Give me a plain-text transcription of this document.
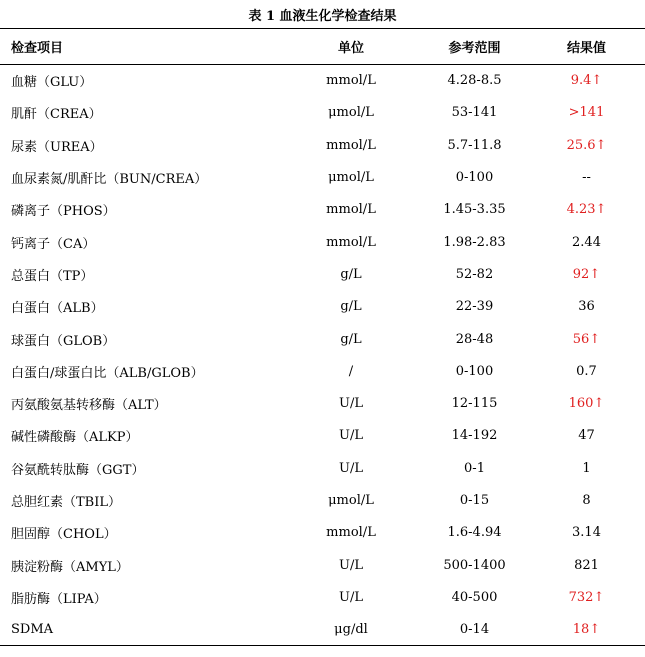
表 1 血液生化学检查结果
检查项目	单位	参考范围	结果值
血糖（GLU）	mmol/L	4.28-8.5	9.4↑
肌酐（CREA）	μmol/L	53-141	>141
尿素（UREA）	mmol/L	5.7-11.8	25.6↑
血尿素氮/肌酐比（BUN/CREA）	μmol/L	0-100	--
磷离子（PHOS）	mmol/L	1.45-3.35	4.23↑
钙离子（CA）	mmol/L	1.98-2.83	2.44
总蛋白（TP）	g/L	52-82	92↑
白蛋白（ALB）	g/L	22-39	36
球蛋白（GLOB）	g/L	28-48	56↑
白蛋白/球蛋白比（ALB/GLOB）	/	0-100	0.7
丙氨酸氨基转移酶（ALT）	U/L	12-115	160↑
碱性磷酸酶（ALKP）	U/L	14-192	47
谷氨酰转肽酶（GGT）	U/L	0-1	1
总胆红素（TBIL）	μmol/L	0-15	8
胆固醇（CHOL）	mmol/L	1.6-4.94	3.14
胰淀粉酶（AMYL）	U/L	500-1400	821
脂肪酶（LIPA）	U/L	40-500	732↑
SDMA	μg/dl	0-14	18↑
